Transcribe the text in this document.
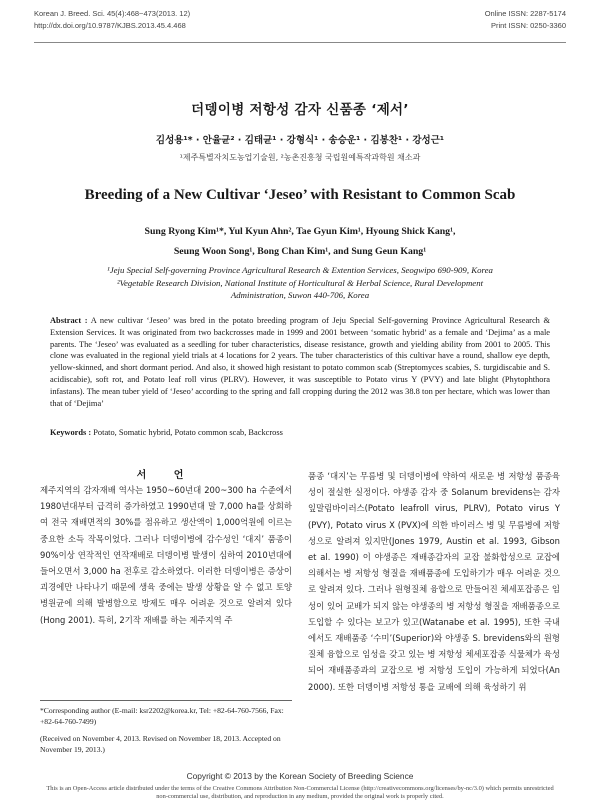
Korean J. Breed. Sci. 45(4):468~473(2013. 12)
http://dx.doi.org/10.9787/KJBS.2013.45.4.468
Online ISSN: 2287-5174
Print ISSN: 0250-3360
더뎅이병 저항성 감자 신품종 ‘제서’
김성용¹* · 안율균² · 김태균¹ · 강형식¹ · 송승운¹ · 김봉찬¹ · 강성근¹
¹제주특별자치도농업기술원, ²농촌진흥청 국립원예특작과학원 채소과
Breeding of a New Cultivar ‘Jeseo’ with Resistant to Common Scab
Sung Ryong Kim¹*, Yul Kyun Ahn², Tae Gyun Kim¹, Hyoung Shick Kang¹,
Seung Woon Song¹, Bong Chan Kim¹, and Sung Geun Kang¹
¹Jeju Special Self-governing Province Agricultural Research & Extention Services, Seogwipo 690-909, Korea
²Vegetable Research Division, National Institute of Horticultural & Herbal Science, Rural Development
Administration, Suwon 440-706, Korea
Abstract : A new cultivar ‘Jeseo’ was bred in the potato breeding program of Jeju Special Self-governing Province Agricultural Research & Extension Services. It was originated from two backcrosses made in 1999 and 2001 between ‘somatic hybrid’ as a female and ‘Dejima’ as a male parents. The ‘Jeseo’ was evaluated as a seedling for tuber characteristics, disease resistance, growth and yielding ability from 2001 to 2005. This clone was evaluated in the regional yield trials at 4 locations for 2 years. The tuber characteristics of this cultivar have a round, shallow eye depth, yellow-skinned, and short dormant period. And also, it showed high resistant to potato common scab (Streptomyces scabies, S. turgidiscabie and S. acidiscabie), soft rot, and Potato leaf roll virus (PLRV). However, it was susceptible to Potato virus Y (PVY) and late blight (Phytophthora infastans). The mean tuber yield of ‘Jeseo’ according to the spring and fall cropping during the 2012 was 38.8 ton per hectare, which was lower than that of ‘Dejima’
Keywords : Potato, Somatic hybrid, Potato common scab, Backcross
서 언
제주지역의 감자재배 역사는 1950~60년대 200~300 ha 수준에서 1980년대부터 급격히 증가하였고 1990년대 말 7,000 ha를 상회하여 전국 재배면적의 30%를 점유하고 생산액이 1,000억원에 이르는 중요한 소득 작목이었다. 그러나 더뎅이병에 감수성인 ‘대지’ 품종이 90%이상 연작적인 연작재배로 더뎅이병 발생이 심하여 2010년대에 들어오면서 3,000 ha 전후로 감소하였다. 이러한 더뎅이병은 증상이 괴경에만 나타나기 때문에 생육 중에는 발생 상황을 알 수 없고 토양병원균에 의해 발병함으로 방제도 매우 어려운 것으로 알려져 있다(Hong 2001). 특히, 2기작 재배를 하는 제주지역 주
품종 ‘대지’는 무름병 및 더뎅이병에 약하여 새로운 병 저항성 품종육성이 절실한 실정이다. 야생종 감자 중 Solanum brevidens는 감자잎말림바이러스(Potato leafroll virus, PLRV), Potato virus Y (PVY), Potato virus X (PVX)에 의한 바이러스 병 및 무름병에 저항성으로 알려져 있지만(Jones 1979, Austin et al. 1993, Gibson et al. 1990) 이 야생종은 재배종감자의 교잡 불화합성으로 교잡에 의해서는 병 저항성 형질을 재배품종에 도입하기가 매우 어려운 것으로 알려져 있다. 그러나 원형질체 융합으로 만들어진 체세포잡종은 임성이 있어 교배가 되지 않는 야생종의 병 저항성 형질을 재배품종으로 도입할 수 있다는 보고가 있고(Watanabe et al. 1995), 또한 국내에서도 재배품종 ‘수미’(Superior)와 야생종 S. brevidens와의 원형질체 융합으로 임성을 갖고 있는 병 저항성 체세포잡종 식물체가 육성되어 재배품종과의 교잡으로 병 저항성 도입이 가능하게 되었다(An 2000). 또한 더뎅이병 저항성 통을 교배에 의해 육성하기 위
*Corresponding author (E-mail: ksr2202@korea.kr, Tel: +82-64-760-7566, Fax: +82-64-760-7499)
(Received on November 4, 2013. Revised on November 18, 2013. Accepted on November 19, 2013.)
Copyright © 2013 by the Korean Society of Breeding Science
This is an Open-Access article distributed under the terms of the Creative Commons Attribution Non-Commercial License (http://creativecommons.org/licenses/by-nc/3.0) which permits unrestricted non-commercial use, distribution, and reproduction in any medium, provided the original work is properly cited.
